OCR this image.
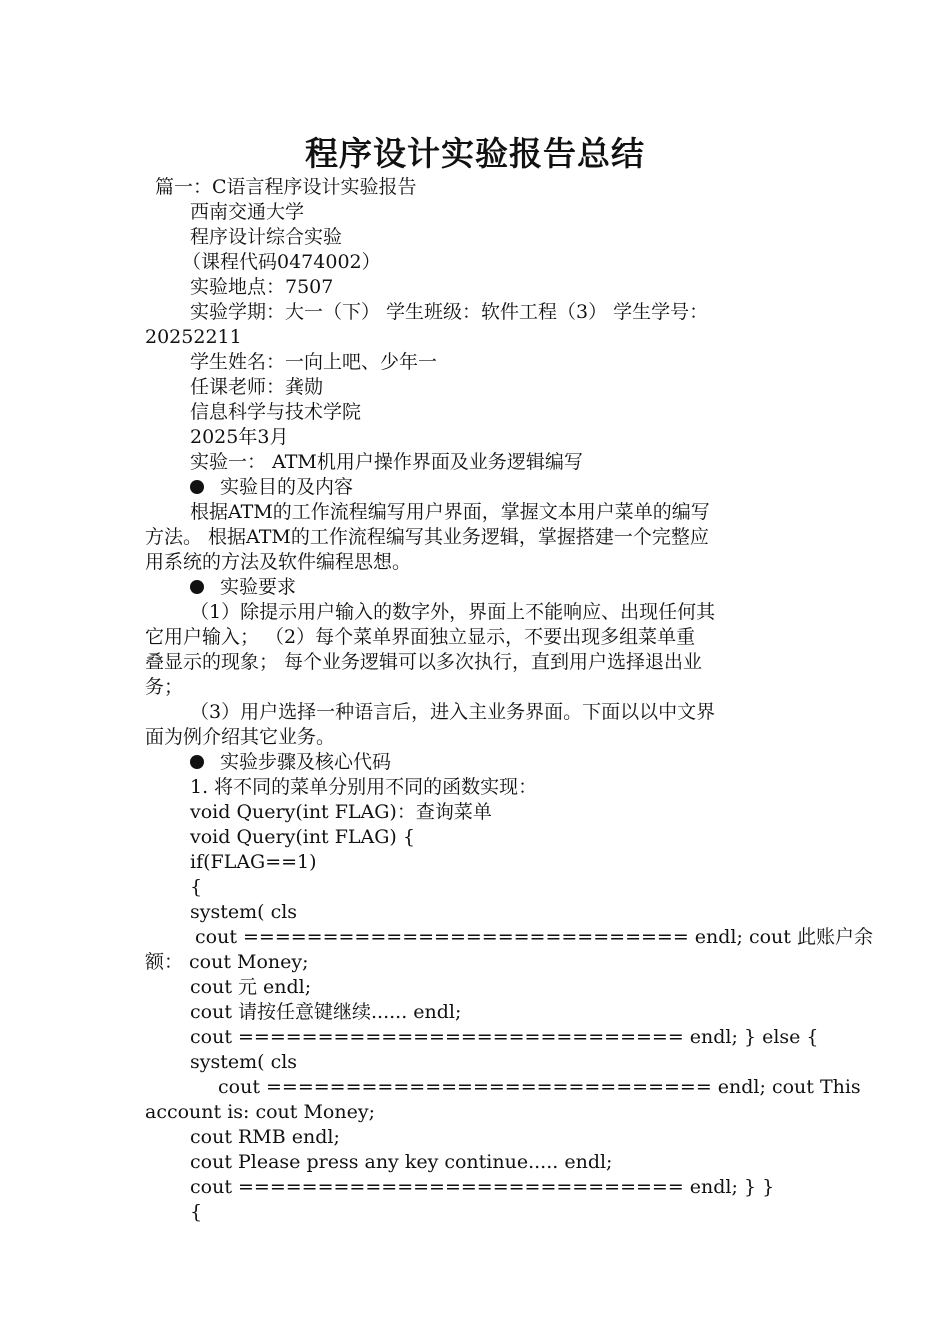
程序设计实验报告总结
篇一：C语言程序设计实验报告
西南交通大学
程序设计综合实验
（课程代码0474002）
实验地点：7507
实验学期：大一（下） 学生班级：软件工程（3） 学生学号：
20252211
学生姓名：一向上吧、少年一
任课老师：龚勋
信息科学与技术学院
2025年3月
实验一： ATM机用户操作界面及业务逻辑编写
实验目的及内容
根据ATM的工作流程编写用户界面，掌握文本用户菜单的编写
方法。 根据ATM的工作流程编写其业务逻辑，掌握搭建一个完整应
用系统的方法及软件编程思想。
实验要求
（1）除提示用户输入的数字外，界面上不能响应、出现任何其
它用户输入； （2）每个菜单界面独立显示，不要出现多组菜单重
叠显示的现象； 每个业务逻辑可以多次执行，直到用户选择退出业
务；
（3）用户选择一种语言后，进入主业务界面。下面以以中文界
面为例介绍其它业务。
实验步骤及核心代码
1. 将不同的菜单分别用不同的函数实现：
void Query(int FLAG)：查询菜单
void Query(int FLAG) {
if(FLAG==1)
{
system( cls
cout ============================ endl; cout 此账户余
额： cout Money;
cout 元 endl;
cout 请按任意键继续...... endl;
cout ============================ endl; } else {
system( cls
cout ============================ endl; cout This
account is: cout Money;
cout RMB endl;
cout Please press any key continue..... endl;
cout ============================ endl; } }
{
